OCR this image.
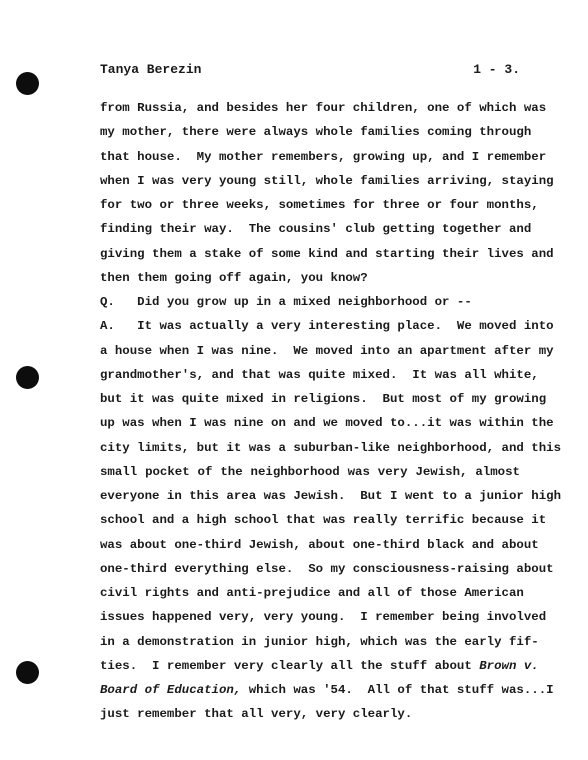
Tanya Berezin	1 - 3.
from Russia, and besides her four children, one of which was
my mother, there were always whole families coming through
that house.  My mother remembers, growing up, and I remember
when I was very young still, whole families arriving, staying
for two or three weeks, sometimes for three or four months,
finding their way.  The cousins' club getting together and
giving them a stake of some kind and starting their lives and
then them going off again, you know?
Q.   Did you grow up in a mixed neighborhood or --
A.   It was actually a very interesting place.  We moved into
a house when I was nine.  We moved into an apartment after my
grandmother's, and that was quite mixed.  It was all white,
but it was quite mixed in religions.  But most of my growing
up was when I was nine on and we moved to...it was within the
city limits, but it was a suburban-like neighborhood, and this
small pocket of the neighborhood was very Jewish, almost
everyone in this area was Jewish.  But I went to a junior high
school and a high school that was really terrific because it
was about one-third Jewish, about one-third black and about
one-third everything else.  So my consciousness-raising about
civil rights and anti-prejudice and all of those American
issues happened very, very young.  I remember being involved
in a demonstration in junior high, which was the early fif-
ties.  I remember very clearly all the stuff about Brown v.
Board of Education, which was '54.  All of that stuff was...I
just remember that all very, very clearly.
